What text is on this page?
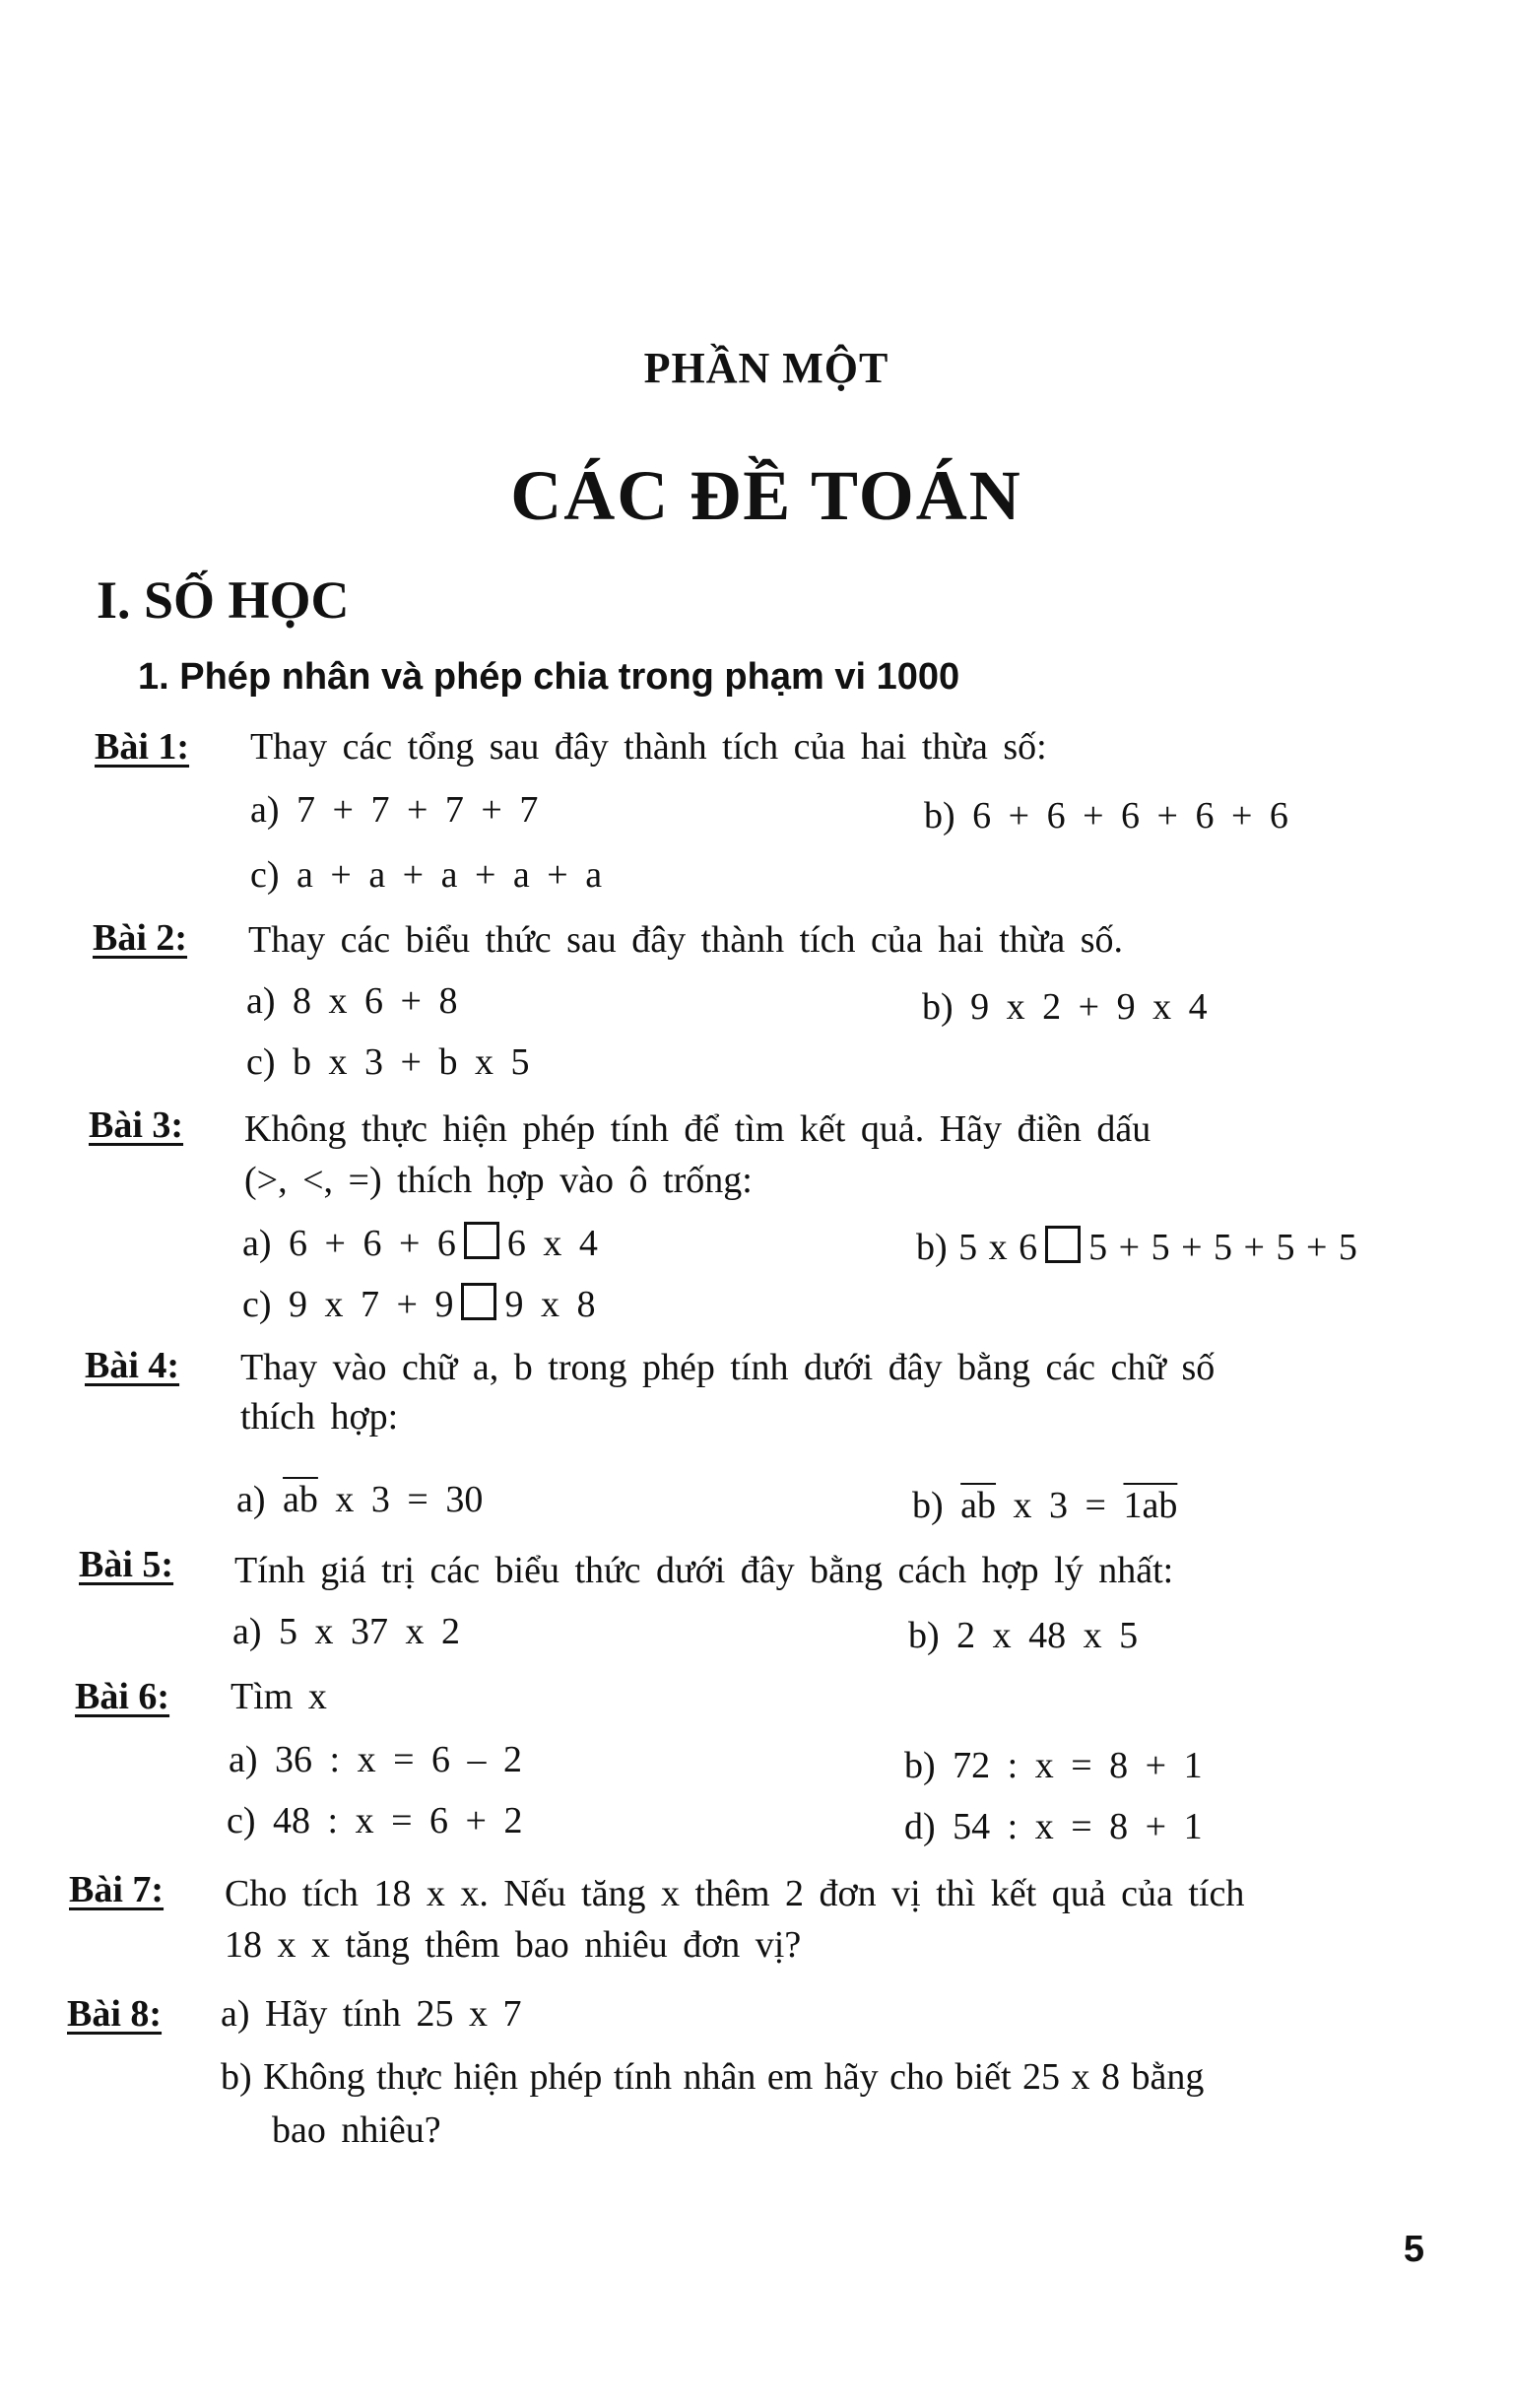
PHẦN MỘT
CÁC ĐỀ TOÁN
I. SỐ HỌC
1. Phép nhân và phép chia trong phạm vi 1000
Bài 1: Thay các tổng sau đây thành tích của hai thừa số:
a) 7 + 7 + 7 + 7	b) 6 + 6 + 6 + 6 + 6
c) a + a + a + a + a
Bài 2: Thay các biểu thức sau đây thành tích của hai thừa số.
a) 8 x 6 + 8	b) 9 x 2 + 9 x 4
c) b x 3 + b x 5
Bài 3: Không thực hiện phép tính để tìm kết quả. Hãy điền dấu
(>, <, =) thích hợp vào ô trống:
a) 6 + 6 + 6 6 x 4	b) 5 x 6 5 + 5 + 5 + 5 + 5
c) 9 x 7 + 9 9 x 8
Bài 4: Thay vào chữ a, b trong phép tính dưới đây bằng các chữ số
thích hợp:
a) $\overline{ab}$ x 3 = 30	b) $\overline{ab}$ x 3 = 1ab
Bài 5: Tính giá trị các biểu thức dưới đây bằng cách hợp lý nhất:
a) 5 x 37 x 2	b) 2 x 48 x 5
Bài 6: Tìm x
a) 36 : x = 6 – 2	b) 72 : x = 8 + 1
c) 48 : x = 6 + 2	d) 54 : x = 8 + 1
Bài 7: Cho tích 18 x x. Nếu tăng x thêm 2 đơn vị thì kết quả của tích
18 x x tăng thêm bao nhiêu đơn vị?
Bài 8: a) Hãy tính 25 x 7
b) Không thực hiện phép tính nhân em hãy cho biết 25 x 8 bằng
bao nhiêu?
5
